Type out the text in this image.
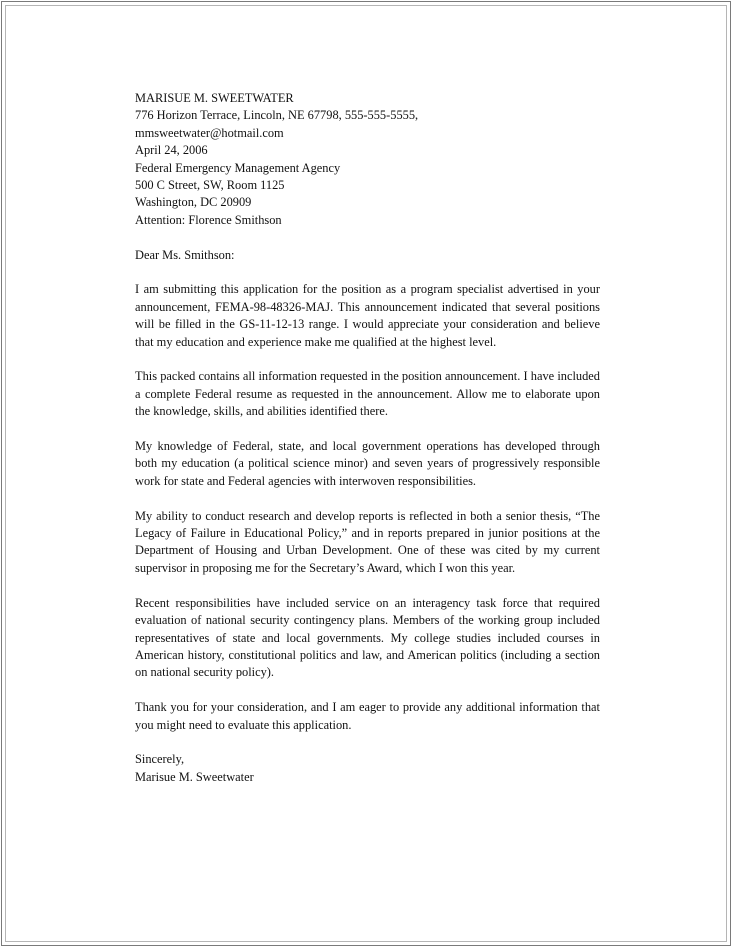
MARISUE M. SWEETWATER
776 Horizon Terrace, Lincoln, NE 67798, 555-555-5555,
mmsweetwater@hotmail.com
April 24, 2006
Federal Emergency Management Agency
500 C Street, SW, Room 1125
Washington, DC 20909
Attention: Florence Smithson
Dear Ms. Smithson:

I am submitting this application for the position as a program specialist advertised in your announcement, FEMA-98-48326-MAJ. This announcement indicated that several positions will be filled in the GS-11-12-13 range. I would appreciate your consideration and believe that my education and experience make me qualified at the highest level.

This packed contains all information requested in the position announcement. I have included a complete Federal resume as requested in the announcement. Allow me to elaborate upon the knowledge, skills, and abilities identified there.

My knowledge of Federal, state, and local government operations has developed through both my education (a political science minor) and seven years of progressively responsible work for state and Federal agencies with interwoven responsibilities.

My ability to conduct research and develop reports is reflected in both a senior thesis, “The Legacy of Failure in Educational Policy,” and in reports prepared in junior positions at the Department of Housing and Urban Development. One of these was cited by my current supervisor in proposing me for the Secretary’s Award, which I won this year.

Recent responsibilities have included service on an interagency task force that required evaluation of national security contingency plans. Members of the working group included representatives of state and local governments. My college studies included courses in American history, constitutional politics and law, and American politics (including a section on national security policy).

Thank you for your consideration, and I am eager to provide any additional information that you might need to evaluate this application.

Sincerely,
Marisue M. Sweetwater
